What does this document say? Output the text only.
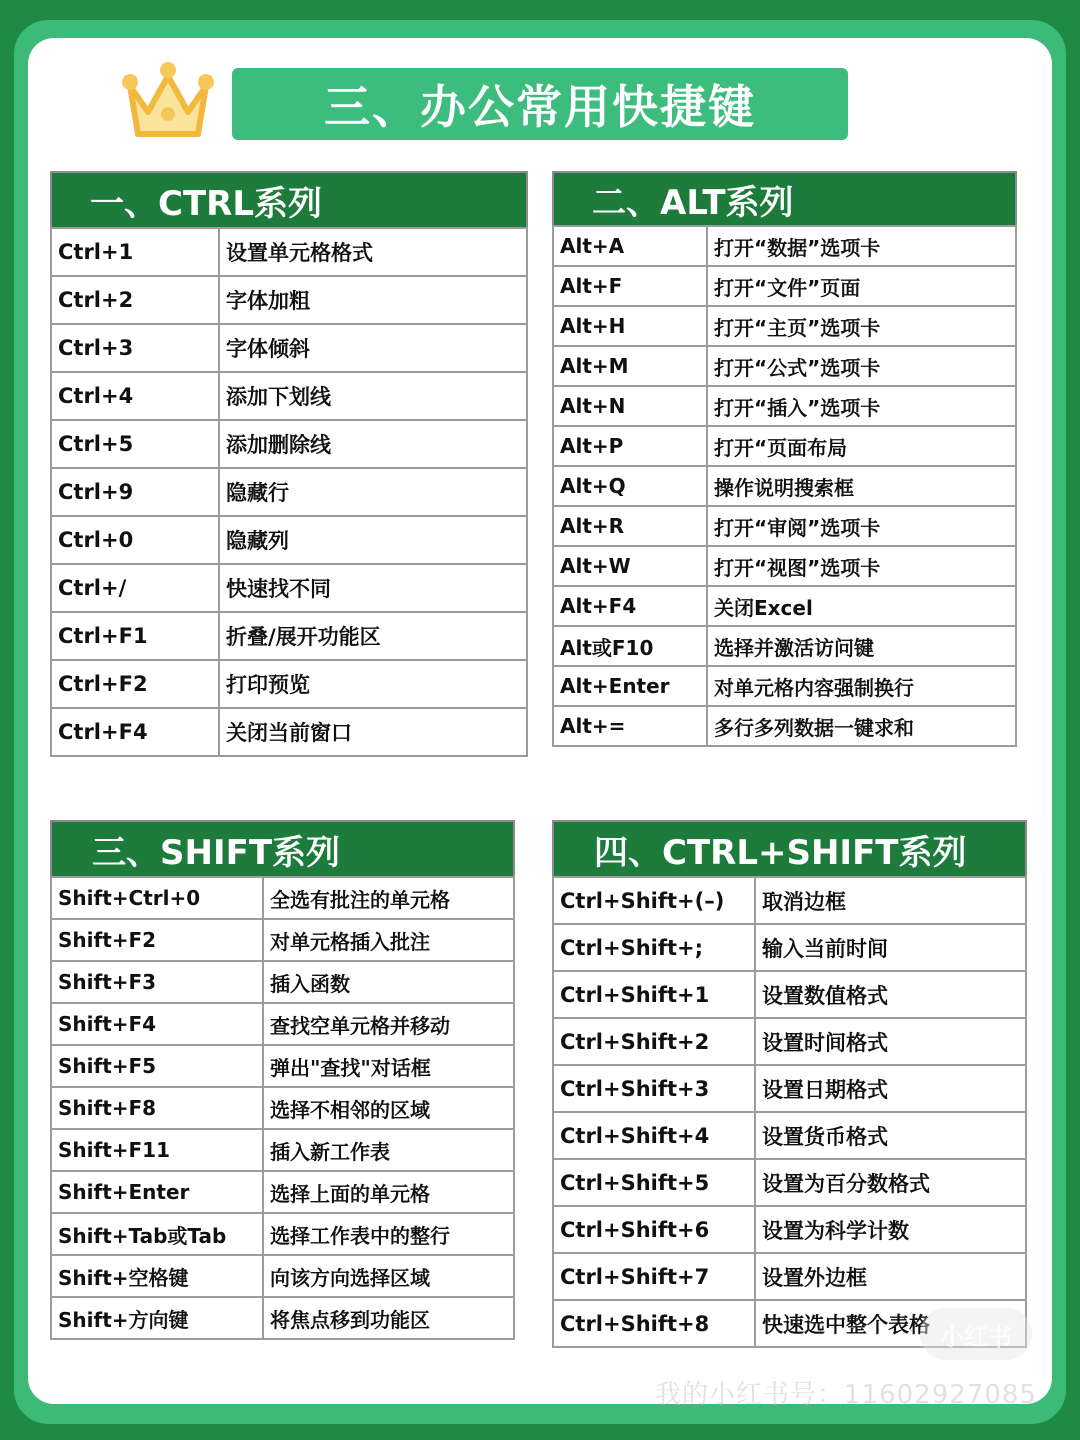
三、办公常用快捷键
一、CTRL系列
Ctrl+1	设置单元格格式
Ctrl+2	字体加粗
Ctrl+3	字体倾斜
Ctrl+4	添加下划线
Ctrl+5	添加删除线
Ctrl+9	隐藏行
Ctrl+0	隐藏列
Ctrl+/	快速找不同
Ctrl+F1	折叠/展开功能区
Ctrl+F2	打印预览
Ctrl+F4	关闭当前窗口
二、ALT系列
Alt+A	打开“数据”选项卡
Alt+F	打开“文件”页面
Alt+H	打开“主页”选项卡
Alt+M	打开“公式”选项卡
Alt+N	打开“插入”选项卡
Alt+P	打开“页面布局
Alt+Q	操作说明搜索框
Alt+R	打开“审阅”选项卡
Alt+W	打开“视图”选项卡
Alt+F4	关闭Excel
Alt或F10	选择并激活访问键
Alt+Enter	对单元格内容强制换行
Alt+=	多行多列数据一键求和
三、SHIFT系列
Shift+Ctrl+0	全选有批注的单元格
Shift+F2	对单元格插入批注
Shift+F3	插入函数
Shift+F4	查找空单元格并移动
Shift+F5	弹出"查找"对话框
Shift+F8	选择不相邻的区域
Shift+F11	插入新工作表
Shift+Enter	选择上面的单元格
Shift+Tab或Tab	选择工作表中的整行
Shift+空格键	向该方向选择区域
Shift+方向键	将焦点移到功能区
四、CTRL+SHIFT系列
Ctrl+Shift+(–)	取消边框
Ctrl+Shift+;	输入当前时间
Ctrl+Shift+1	设置数值格式
Ctrl+Shift+2	设置时间格式
Ctrl+Shift+3	设置日期格式
Ctrl+Shift+4	设置货币格式
Ctrl+Shift+5	设置为百分数格式
Ctrl+Shift+6	设置为科学计数
Ctrl+Shift+7	设置外边框
Ctrl+Shift+8	快速选中整个表格 小红书
我的小红书号：11602927085
